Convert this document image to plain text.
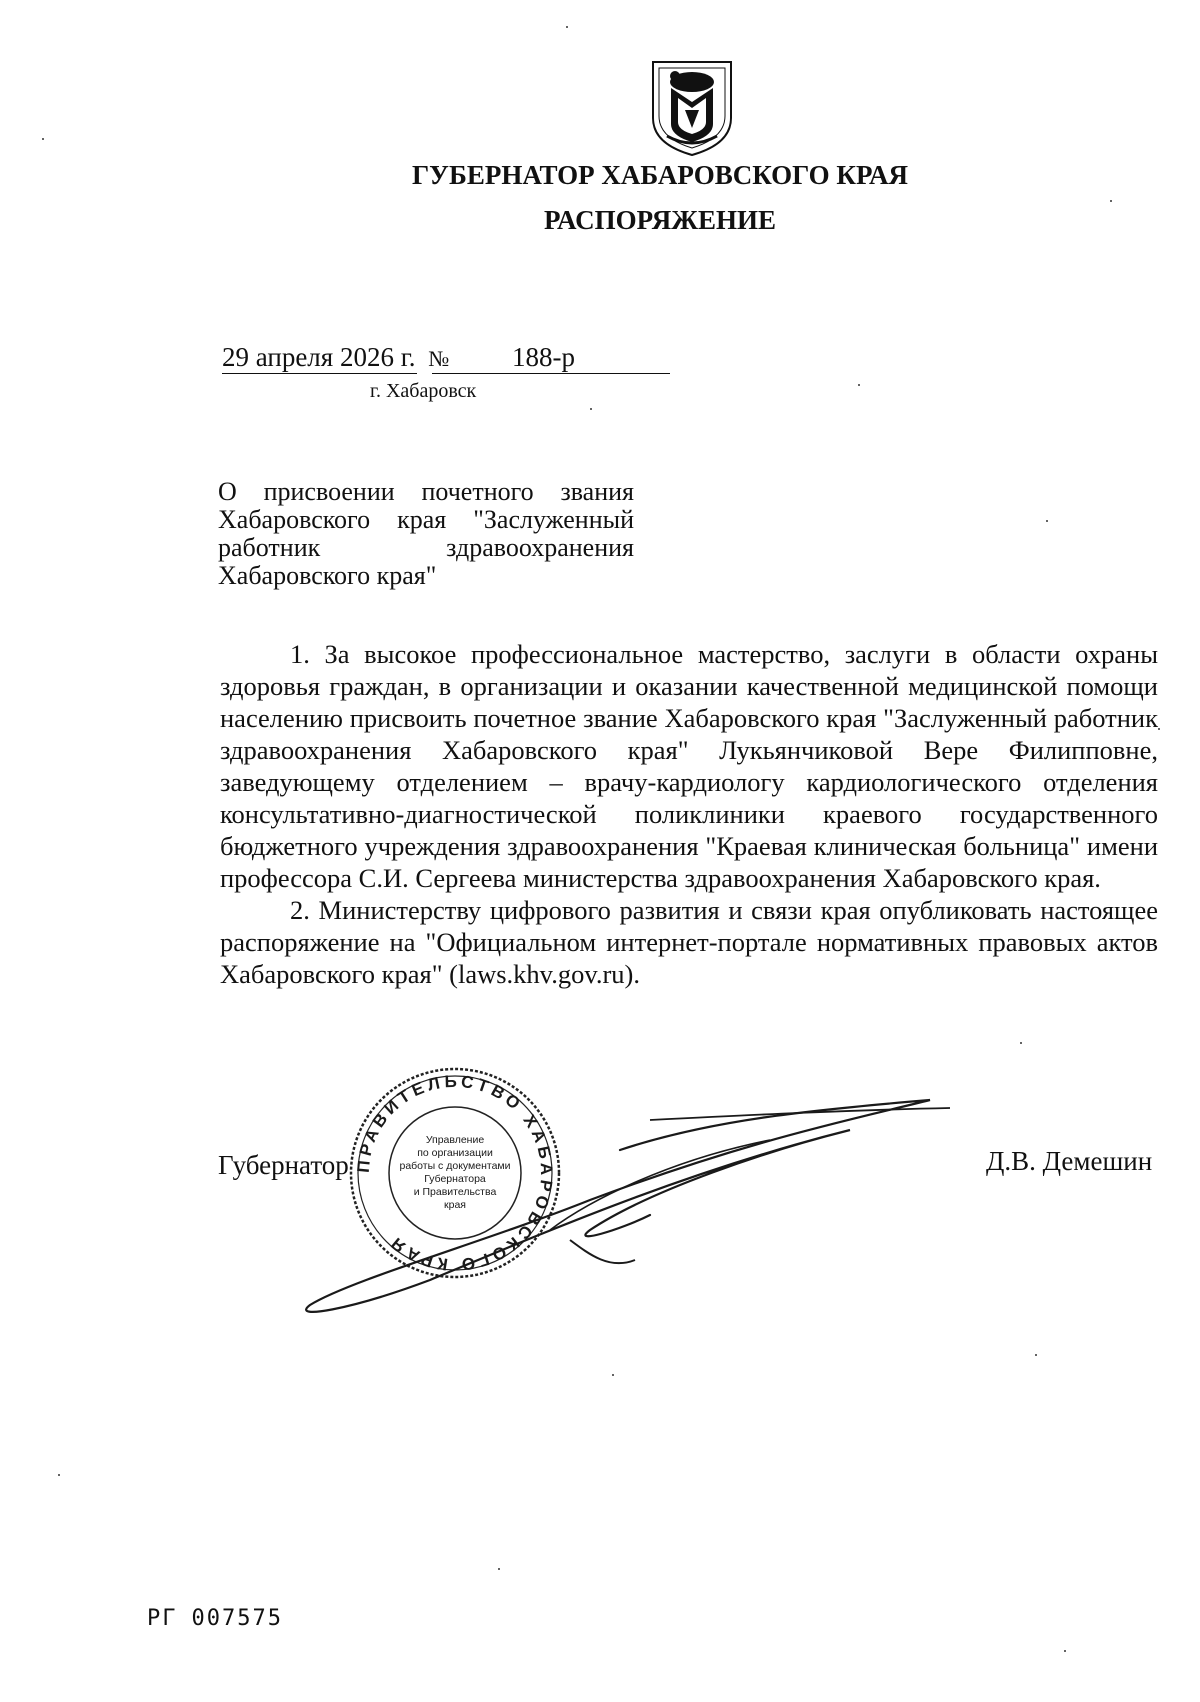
ГУБЕРНАТОР ХАБАРОВСКОГО КРАЯ
РАСПОРЯЖЕНИЕ
29 апреля 2026 г. №	188-р
г. Хабаровск
О присвоении почетного звания
Хабаровского края "Заслуженный
работник здравоохранения
Хабаровского края"

1. За высокое профессиональное мастерство, заслуги в области охраны здоровья граждан, в организации и оказании качественной медицинской помощи населению присвоить почетное звание Хабаровского края "Заслуженный работник здравоохранения Хабаровского края" Лукьянчиковой Вере Филипповне, заведующему отделением – врачу-кардиологу кардиологического отделения консультативно-диагностической поликлиники краевого государственного бюджетного учреждения здравоохранения "Краевая клиническая больница" имени профессора С.И. Сергеева министерства здравоохранения Хабаровского края.

2. Министерству цифрового развития и связи края опубликовать настоящее распоряжение на "Официальном интернет-портале нормативных правовых актов Хабаровского края" (laws.khv.gov.ru).

ПРАВИТЕЛЬСТВО ХАБАРОВСКОГО КРАЯ
Управление
по организации
работы с документами
Губернатора
и Правительства
края
Губернатор	Д.В. Демешин
РГ 007575
